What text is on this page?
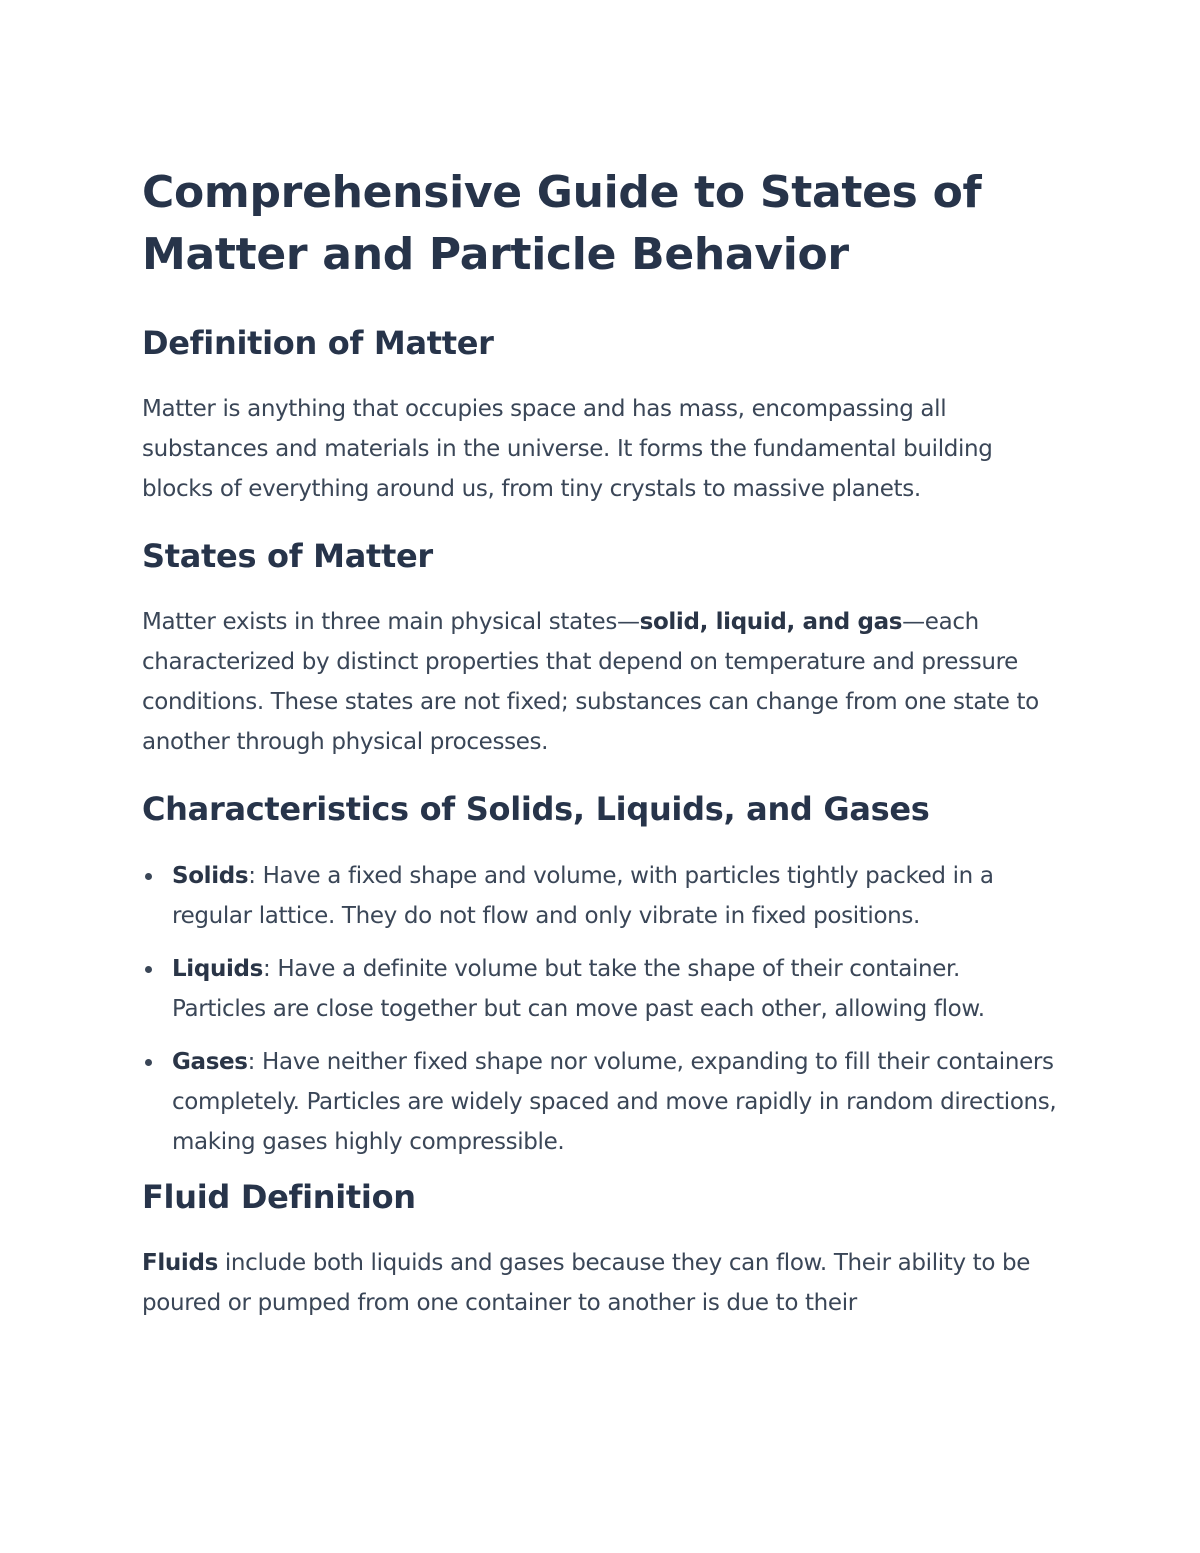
Comprehensive Guide to States of Matter and Particle Behavior
Definition of Matter

Matter is anything that occupies space and has mass, encompassing all substances and materials in the universe. It forms the fundamental building blocks of everything around us, from tiny crystals to massive planets.

States of Matter

Matter exists in three main physical states—solid, liquid, and gas—each characterized by distinct properties that depend on temperature and pressure conditions. These states are not fixed; substances can change from one state to another through physical processes.

Characteristics of Solids, Liquids, and Gases
Solids: Have a fixed shape and volume, with particles tightly packed in a regular lattice. They do not flow and only vibrate in fixed positions.
Liquids: Have a definite volume but take the shape of their container. Particles are close together but can move past each other, allowing flow.
Gases: Have neither fixed shape nor volume, expanding to fill their containers completely. Particles are widely spaced and move rapidly in random directions, making gases highly compressible.
Fluid Definition

Fluids include both liquids and gases because they can flow. Their ability to be poured or pumped from one container to another is due to their
